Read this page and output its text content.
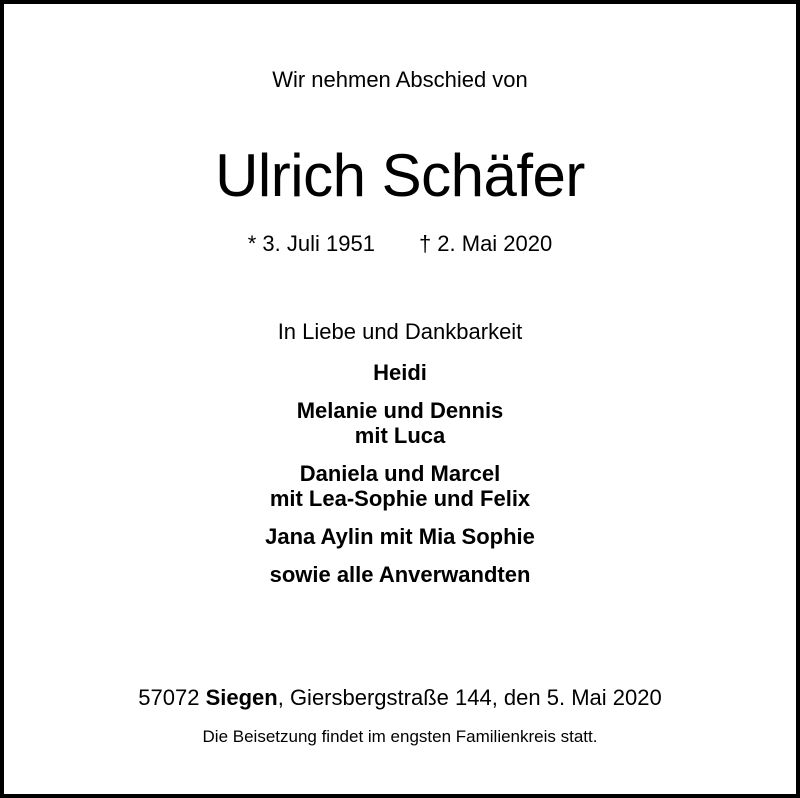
Wir nehmen Abschied von
Ulrich Schäfer
* 3. Juli 1951 † 2. Mai 2020
In Liebe und Dankbarkeit
Heidi
Melanie und Dennis
mit Luca
Daniela und Marcel
mit Lea-Sophie und Felix
Jana Aylin mit Mia Sophie
sowie alle Anverwandten
57072 Siegen, Giersbergstraße 144, den 5. Mai 2020
Die Beisetzung findet im engsten Familienkreis statt.
